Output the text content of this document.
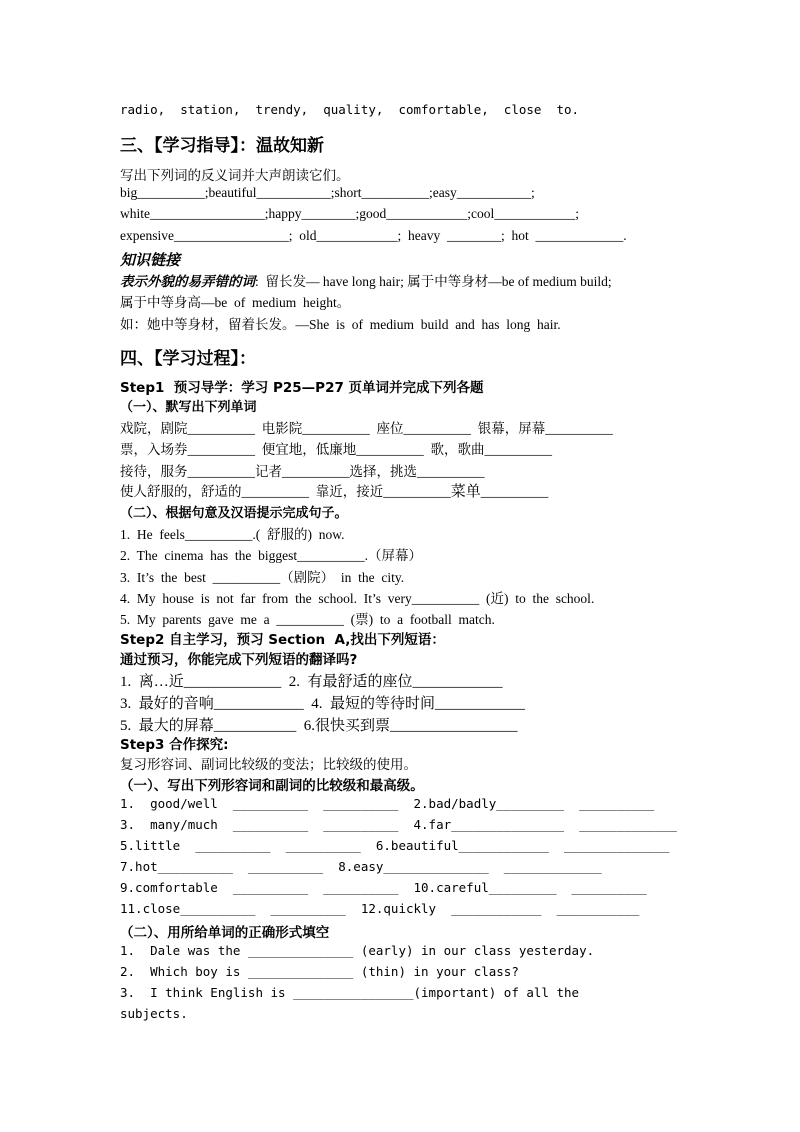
radio,  station,  trendy,  quality,  comfortable,  close  to.
三、【学习指导】：温故知新
写出下列词的反义词并大声朗读它们。
big__________;beautiful___________;short__________;easy___________;
white_________________;happy________;good____________;cool____________;
expensive_________________;  old____________;  heavy  ________;  hot  _____________.
知识链接
表示外貌的易弄错的词:  留长发— have long hair; 属于中等身材—be of medium build;
属于中等身高—be  of  medium  height。
如：她中等身材，留着长发。—She  is  of  medium  build  and  has  long  hair.
四、【学习过程】：
Step1  预习导学：学习 P25—P27 页单词并完成下列各题
（一）、默写出下列单词
戏院，剧院__________  电影院__________  座位__________  银幕，屏幕__________
票，入场券__________  便宜地，低廉地__________  歌，歌曲__________
接待，服务__________记者__________选择，挑选__________
使人舒服的，舒适的__________  靠近，接近__________菜单__________
（二）、根据句意及汉语提示完成句子。
1.  He  feels__________.(  舒服的)  now.
2.  The  cinema  has  the  biggest__________.（屏幕）
3.  It’s  the  best  __________（剧院）  in  the  city.
4.  My  house  is  not  far  from  the  school.  It’s  very__________  (近)  to  the  school.
5.  My  parents  gave  me  a  __________  (票)  to  a  football  match.
Step2 自主学习，预习 Section  A,找出下列短语：
通过预习，你能完成下列短语的翻译吗?
1.  离…近_____________  2.  有最舒适的座位____________
3.  最好的音响____________  4.  最短的等待时间____________
5.  最大的屏幕___________  6.很快买到票_________________
Step3 合作探究:
复习形容词、副词比较级的变法；比较级的使用。
（一）、写出下列形容词和副词的比较级和最高级。
1.  good/well  __________  __________  2.bad/badly_________  __________
3.  many/much  __________  __________  4.far_______________  _____________
5.little  __________  __________  6.beautiful____________  ______________
7.hot__________  __________  8.easy______________  _____________
9.comfortable  __________  __________  10.careful_________  __________
11.close__________  __________  12.quickly  ____________  ___________
（二）、用所给单词的正确形式填空
1.  Dale was the ______________ (early) in our class yesterday.
2.  Which boy is ______________ (thin) in your class?
3.  I think English is ________________(important) of all the
subjects.
